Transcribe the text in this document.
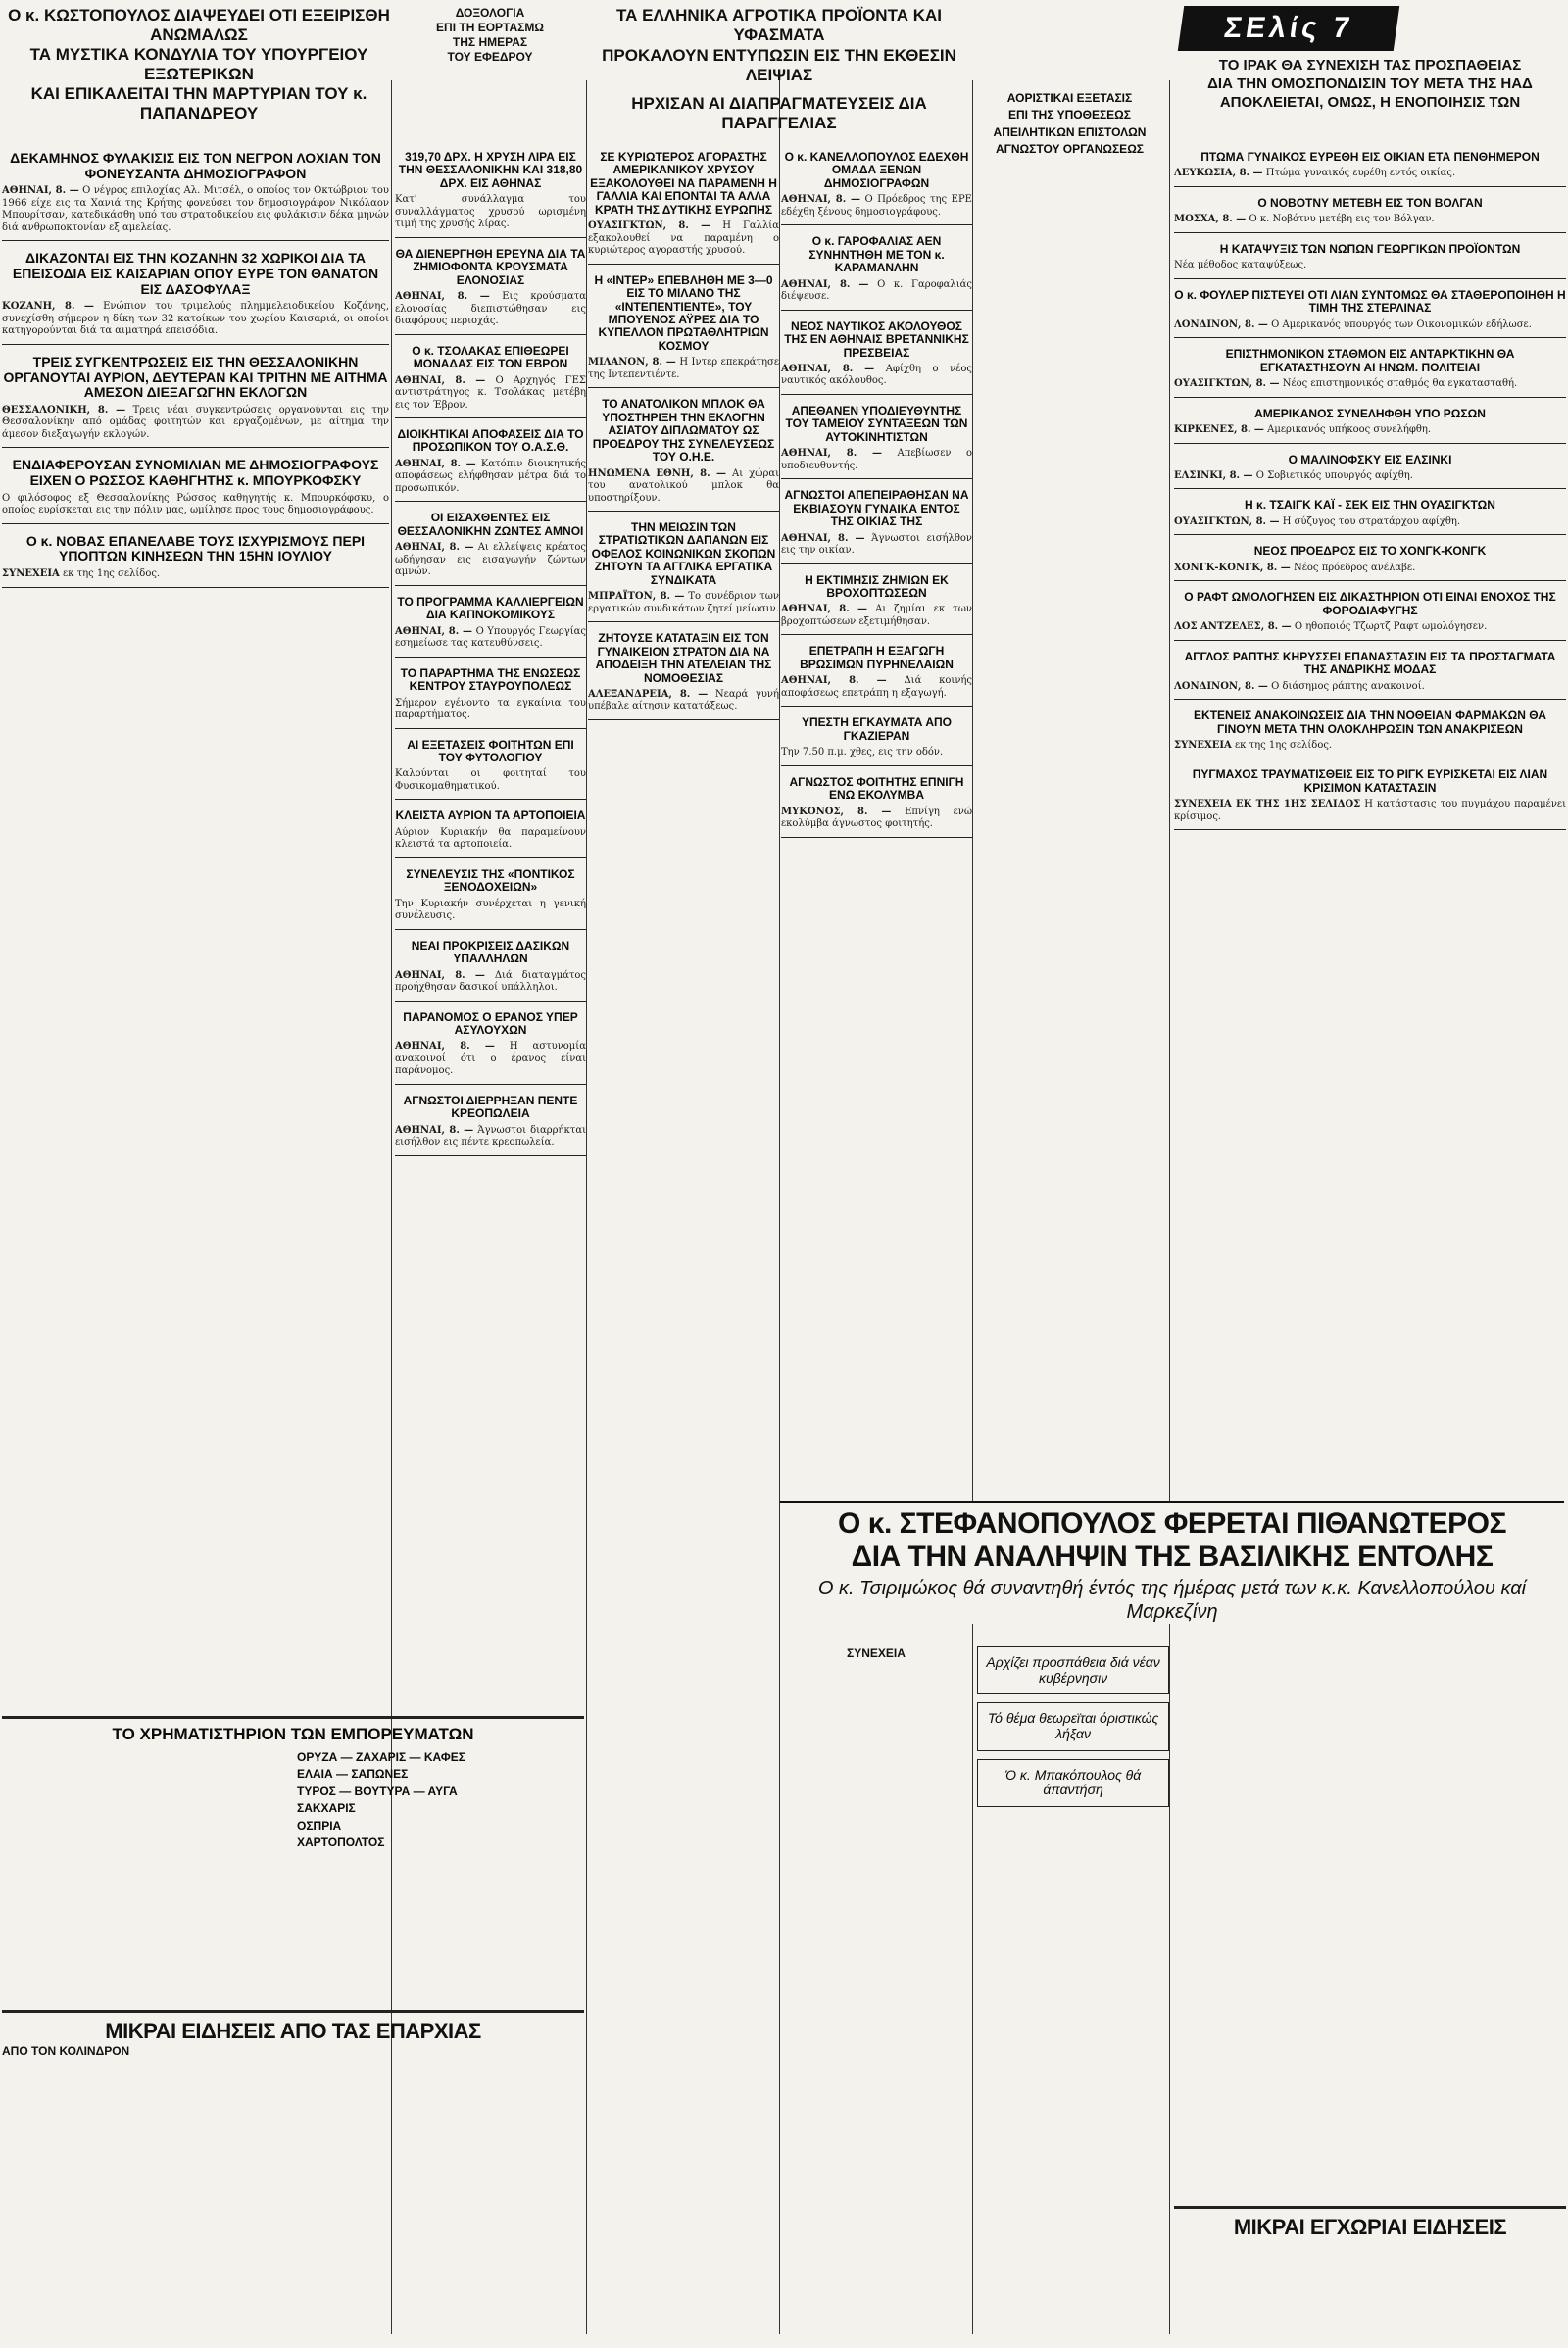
ΣΕλίς 7
Ο κ. ΚΩΣΤΟΠΟΥΛΟΣ ΔΙΑΨΕΥΔΕΙ ΟΤΙ ΕΞΕΙΡΙΣΘΗ ΑΝΩΜΑΛΩΣ
ΤΑ ΜΥΣΤΙΚΑ ΚΟΝΔΥΛΙΑ ΤΟΥ ΥΠΟΥΡΓΕΙΟΥ ΕΞΩΤΕΡΙΚΩΝ
ΚΑΙ ΕΠΙΚΑΛΕΙΤΑΙ ΤΗΝ ΜΑΡΤΥΡΙΑΝ ΤΟΥ κ. ΠΑΠΑΝΔΡΕΟΥ
ΔΟΞΟΛΟΓΙΑ
ΕΠΙ ΤΗ ΕΟΡΤΑΣΜΩ
ΤΗΣ ΗΜΕΡΑΣ
ΤΟΥ ΕΦΕΔΡΟΥ
ΤΑ ΕΛΛΗΝΙΚΑ ΑΓΡΟΤΙΚΑ ΠΡΟΪΟΝΤΑ ΚΑΙ ΥΦΑΣΜΑΤΑ
ΠΡΟΚΑΛΟΥΝ ΕΝΤΥΠΩΣΙΝ ΕΙΣ ΤΗΝ ΕΚΘΕΣΙΝ ΛΕΙΨΙΑΣ
ΗΡΧΙΣΑΝ ΑΙ ΔΙΑΠΡΑΓΜΑΤΕΥΣΕΙΣ ΔΙΑ ΠΑΡΑΓΓΕΛΙΑΣ
ΤΟ ΙΡΑΚ ΘΑ ΣΥΝΕΧΙΣΗ ΤΑΣ ΠΡΟΣΠΑΘΕΙΑΣ
ΔΙΑ ΤΗΝ ΟΜΟΣΠΟΝΔΙΣΙΝ ΤΟΥ ΜΕΤΑ ΤΗΣ ΗΑΔ
ΑΠΟΚΛΕΙΕΤΑΙ, ΟΜΩΣ, Η ΕΝΟΠΟΙΗΣΙΣ ΤΩΝ
ΔΕΚΑΜΗΝΟΣ ΦΥΛΑΚΙΣΙΣ ΕΙΣ ΤΟΝ ΝΕΓΡΟΝ ΛΟΧΙΑΝ ΤΟΝ ΦΟΝΕΥΣΑΝΤΑ ΔΗΜΟΣΙΟΓΡΑΦΟΝ
ΑΘΗΝΑΙ, 8. — Ο νέγρος επιλοχίας Αλ. Μιτσέλ, ο οποίος τον Οκτώβριον του 1966 είχε εις τα Χανιά της Κρήτης φονεύσει τον δημοσιογράφον Νικόλαον Μπουρίτσαν, κατεδικάσθη υπό του στρατοδικείου εις φυλάκισιν δέκα μηνών διά ανθρωποκτονίαν εξ αμελείας.
ΔΙΚΑΖΟΝΤΑΙ ΕΙΣ ΤΗΝ ΚΟΖΑΝΗΝ 32 ΧΩΡΙΚΟΙ ΔΙΑ ΤΑ ΕΠΕΙΣΟΔΙΑ ΕΙΣ ΚΑΙΣΑΡΙΑΝ ΟΠΟΥ ΕΥΡΕ ΤΟΝ ΘΑΝΑΤΟΝ ΕΙΣ ΔΑΣΟΦΥΛΑΞ
ΚΟΖΑΝΗ, 8. — Ενώπιον του τριμελούς πλημμελειοδικείου Κοζάνης, συνεχίσθη σήμερον η δίκη των 32 κατοίκων του χωρίου Καισαριά, οι οποίοι κατηγορούνται διά τα αιματηρά επεισόδια.
ΤΡΕΙΣ ΣΥΓΚΕΝΤΡΩΣΕΙΣ ΕΙΣ ΤΗΝ ΘΕΣΣΑΛΟΝΙΚΗΝ ΟΡΓΑΝΟΥΤΑΙ ΑΥΡΙΟΝ, ΔΕΥΤΕΡΑΝ ΚΑΙ ΤΡΙΤΗΝ ΜΕ ΑΙΤΗΜΑ ΑΜΕΣΟΝ ΔΙΕΞΑΓΩΓΗΝ ΕΚΛΟΓΩΝ
ΘΕΣΣΑΛΟΝΙΚΗ, 8. — Τρεις νέαι συγκεντρώσεις οργανούνται εις την Θεσσαλονίκην από ομάδας φοιτητών και εργαζομένων, με αίτημα την άμεσον διεξαγωγήν εκλογών.
ΕΝΔΙΑΦΕΡΟΥΣΑΝ ΣΥΝΟΜΙΛΙΑΝ ΜΕ ΔΗΜΟΣΙΟΓΡΑΦΟΥΣ ΕΙΧΕΝ Ο ΡΩΣΣΟΣ ΚΑΘΗΓΗΤΗΣ κ. ΜΠΟΥΡΚΟΦΣΚΥ
Ο φιλόσοφος εξ Θεσσαλονίκης Ρώσσος καθηγητής κ. Μπουρκόφσκυ, ο οποίος ευρίσκεται εις την πόλιν μας, ωμίλησε προς τους δημοσιογράφους.
Ο κ. ΝΟΒΑΣ ΕΠΑΝΕΛΑΒΕ ΤΟΥΣ ΙΣΧΥΡΙΣΜΟΥΣ ΠΕΡΙ ΥΠΟΠΤΩΝ ΚΙΝΗΣΕΩΝ ΤΗΝ 15ΗΝ ΙΟΥΛΙΟΥ
ΣΥΝΕΧΕΙΑ εκ της 1ης σελίδος.
319,70 ΔΡΧ. Η ΧΡΥΣΗ ΛΙΡΑ ΕΙΣ ΤΗΝ ΘΕΣΣΑΛΟΝΙΚΗΝ ΚΑΙ 318,80 ΔΡΧ. ΕΙΣ ΑΘΗΝΑΣ
Κατ' συνάλλαγμα του συναλλάγματος χρυσού ωρισμένη τιμή της χρυσής λίρας.
ΘΑ ΔΙΕΝΕΡΓΗΘΗ ΕΡΕΥΝΑ ΔΙΑ ΤΑ ΖΗΜΙΟΦΟΝΤΑ ΚΡΟΥΣΜΑΤΑ ΕΛΟΝΟΣΙΑΣ
ΑΘΗΝΑΙ, 8. — Εις κρούσματα ελονοσίας διεπιστώθησαν εις διαφόρους περιοχάς.
Ο κ. ΤΣΟΛΑΚΑΣ ΕΠΙΘΕΩΡΕΙ ΜΟΝΑΔΑΣ ΕΙΣ ΤΟΝ ΕΒΡΟΝ
ΑΘΗΝΑΙ, 8. — Ο Αρχηγός ΓΕΣ αντιστράτηγος κ. Τσολάκας μετέβη εις τον Έβρον.
ΔΙΟΙΚΗΤΙΚΑΙ ΑΠΟΦΑΣΕΙΣ ΔΙΑ ΤΟ ΠΡΟΣΩΠΙΚΟΝ ΤΟΥ Ο.Α.Σ.Θ.
ΑΘΗΝΑΙ, 8. — Κατόπιν διοικητικής αποφάσεως ελήφθησαν μέτρα διά το προσωπικόν.
ΟΙ ΕΙΣΑΧΘΕΝΤΕΣ ΕΙΣ ΘΕΣΣΑΛΟΝΙΚΗΝ ΖΩΝΤΕΣ ΑΜΝΟΙ
ΑΘΗΝΑΙ, 8. — Αι ελλείψεις κρέατος ωδήγησαν εις εισαγωγήν ζώντων αμνών.
ΤΟ ΠΡΟΓΡΑΜΜΑ ΚΑΛΛΙΕΡΓΕΙΩΝ ΔΙΑ ΚΑΠΝΟΚΟΜΙΚΟΥΣ
ΑΘΗΝΑΙ, 8. — Ο Υπουργός Γεωργίας εσημείωσε τας κατευθύνσεις.
ΤΟ ΠΑΡΑΡΤΗΜΑ ΤΗΣ ΕΝΩΣΕΩΣ ΚΕΝΤΡΟΥ ΣΤΑΥΡΟΥΠΟΛΕΩΣ
Σήμερον εγένοντο τα εγκαίνια του παραρτήματος.
ΑΙ ΕΞΕΤΑΣΕΙΣ ΦΟΙΤΗΤΩΝ ΕΠΙ ΤΟΥ ΦΥΤΟΛΟΓΙΟΥ
Καλούνται οι φοιτηταί του Φυσικομαθηματικού.
ΚΛΕΙΣΤΑ ΑΥΡΙΟΝ ΤΑ ΑΡΤΟΠΟΙΕΙΑ
Αύριον Κυριακήν θα παραμείνουν κλειστά τα αρτοποιεία.
ΣΥΝΕΛΕΥΣΙΣ ΤΗΣ «ΠΟΝΤΙΚΟΣ ΞΕΝΟΔΟΧΕΙΩΝ»
Την Κυριακήν συνέρχεται η γενική συνέλευσις.
ΝΕΑΙ ΠΡΟΚΡΙΣΕΙΣ ΔΑΣΙΚΩΝ ΥΠΑΛΛΗΛΩΝ
ΑΘΗΝΑΙ, 8. — Διά διαταγμάτος προήχθησαν δασικοί υπάλληλοι.
ΠΑΡΑΝΟΜΟΣ Ο ΕΡΑΝΟΣ ΥΠΕΡ ΑΣΥΛΟΥΧΩΝ
ΑΘΗΝΑΙ, 8. — Η αστυνομία ανακοινοί ότι ο έρανος είναι παράνομος.
ΑΓΝΩΣΤΟΙ ΔΙΕΡΡΗΞΑΝ ΠΕΝΤΕ ΚΡΕΟΠΩΛΕΙΑ
ΑΘΗΝΑΙ, 8. — Άγνωστοι διαρρήκται εισήλθον εις πέντε κρεοπωλεία.
ΣΕ ΚΥΡΙΩΤΕΡΟΣ ΑΓΟΡΑΣΤΗΣ ΑΜΕΡΙΚΑΝΙΚΟΥ ΧΡΥΣΟΥ ΕΞΑΚΟΛΟΥΘΕΙ ΝΑ ΠΑΡΑΜΕΝΗ Η ΓΑΛΛΙΑ ΚΑΙ ΕΠΟΝΤΑΙ ΤΑ ΑΛΛΑ ΚΡΑΤΗ ΤΗΣ ΔΥΤΙΚΗΣ ΕΥΡΩΠΗΣ
ΟΥΑΣΙΓΚΤΩΝ, 8. — Η Γαλλία εξακολουθεί να παραμένη ο κυριώτερος αγοραστής χρυσού.
Η «ΙΝΤΕΡ» ΕΠΕΒΛΗΘΗ ΜΕ 3—0 ΕΙΣ ΤΟ ΜΙΛΑΝΟ ΤΗΣ «ΙΝΤΕΠΕΝΤΙΕΝΤΕ», ΤΟΥ ΜΠΟΥΕΝΟΣ ΑΫΡΕΣ ΔΙΑ ΤΟ ΚΥΠΕΛΛΟΝ ΠΡΩΤΑΘΛΗΤΡΙΩΝ ΚΟΣΜΟΥ
ΜΙΛΑΝΟΝ, 8. — Η Ιντερ επεκράτησε της Ιντεπεντιέντε.
ΤΟ ΑΝΑΤΟΛΙΚΟΝ ΜΠΛΟΚ ΘΑ ΥΠΟΣΤΗΡΙΞΗ ΤΗΝ ΕΚΛΟΓΗΝ ΑΣΙΑΤΟΥ ΔΙΠΛΩΜΑΤΟΥ ΩΣ ΠΡΟΕΔΡΟΥ ΤΗΣ ΣΥΝΕΛΕΥΣΕΩΣ ΤΟΥ Ο.Η.Ε.
ΗΝΩΜΕΝΑ ΕΘΝΗ, 8. — Αι χώραι του ανατολικού μπλοκ θα υποστηρίξουν.
ΤΗΝ ΜΕΙΩΣΙΝ ΤΩΝ ΣΤΡΑΤΙΩΤΙΚΩΝ ΔΑΠΑΝΩΝ ΕΙΣ ΟΦΕΛΟΣ ΚΟΙΝΩΝΙΚΩΝ ΣΚΟΠΩΝ ΖΗΤΟΥΝ ΤΑ ΑΓΓΛΙΚΑ ΕΡΓΑΤΙΚΑ ΣΥΝΔΙΚΑΤΑ
ΜΠΡΑΪΤΟΝ, 8. — Το συνέδριον των εργατικών συνδικάτων ζητεί μείωσιν.
ΖΗΤΟΥΣΕ ΚΑΤΑΤΑΞΙΝ ΕΙΣ ΤΟΝ ΓΥΝΑΙΚΕΙΟΝ ΣΤΡΑΤΟΝ ΔΙΑ ΝΑ ΑΠΟΔΕΙΞΗ ΤΗΝ ΑΤΕΛΕΙΑΝ ΤΗΣ ΝΟΜΟΘΕΣΙΑΣ
ΑΛΕΞΑΝΔΡΕΙΑ, 8. — Νεαρά γυνή υπέβαλε αίτησιν κατατάξεως.
Ο κ. ΚΑΝΕΛΛΟΠΟΥΛΟΣ ΕΔΕΧΘΗ ΟΜΑΔΑ ΞΕΝΩΝ ΔΗΜΟΣΙΟΓΡΑΦΩΝ
ΑΘΗΝΑΙ, 8. — Ο Πρόεδρος της ΕΡΕ εδέχθη ξένους δημοσιογράφους.
Ο κ. ΓΑΡΟΦΑΛΙΑΣ ΑΕΝ ΣΥΝΗΝΤΗΘΗ ΜΕ ΤΟΝ κ. ΚΑΡΑΜΑΝΛΗΝ
ΑΘΗΝΑΙ, 8. — Ο κ. Γαροφαλιάς διέψευσε.
ΝΕΟΣ ΝΑΥΤΙΚΟΣ ΑΚΟΛΟΥΘΟΣ ΤΗΣ ΕΝ ΑΘΗΝΑΙΣ ΒΡΕΤΑΝΝΙΚΗΣ ΠΡΕΣΒΕΙΑΣ
ΑΘΗΝΑΙ, 8. — Αφίχθη ο νέος ναυτικός ακόλουθος.
ΑΠΕΘΑΝΕΝ ΥΠΟΔΙΕΥΘΥΝΤΗΣ ΤΟΥ ΤΑΜΕΙΟΥ ΣΥΝΤΑΞΕΩΝ ΤΩΝ ΑΥΤΟΚΙΝΗΤΙΣΤΩΝ
ΑΘΗΝΑΙ, 8. — Απεβίωσεν ο υποδιευθυντής.
ΑΓΝΩΣΤΟΙ ΑΠΕΠΕΙΡΑΘΗΣΑΝ ΝΑ ΕΚΒΙΑΣΟΥΝ ΓΥΝΑΙΚΑ ΕΝΤΟΣ ΤΗΣ ΟΙΚΙΑΣ ΤΗΣ
ΑΘΗΝΑΙ, 8. — Άγνωστοι εισήλθον εις την οικίαν.
Η ΕΚΤΙΜΗΣΙΣ ΖΗΜΙΩΝ ΕΚ ΒΡΟΧΟΠΤΩΣΕΩΝ
ΑΘΗΝΑΙ, 8. — Αι ζημίαι εκ των βροχοπτώσεων εξετιμήθησαν.
ΕΠΕΤΡΑΠΗ Η ΕΞΑΓΩΓΗ ΒΡΩΣΙΜΩΝ ΠΥΡΗΝΕΛΑΙΩΝ
ΑΘΗΝΑΙ, 8. — Διά κοινής αποφάσεως επετράπη η εξαγωγή.
ΥΠΕΣΤΗ ΕΓΚΑΥΜΑΤΑ ΑΠΟ ΓΚΑΖΙΕΡΑΝ
Την 7.50 π.μ. χθες, εις την οδόν.
ΑΓΝΩΣΤΟΣ ΦΟΙΤΗΤΗΣ ΕΠΝΙΓΗ ΕΝΩ ΕΚΟΛΥΜΒΑ
ΜΥΚΟΝΟΣ, 8. — Επνίγη ενώ εκολύμβα άγνωστος φοιτητής.
ΑΟΡΙΣΤΙΚΑΙ ΕΞΕΤΑΣΙΣ
ΕΠΙ ΤΗΣ ΥΠΟΘΕΣΕΩΣ
ΑΠΕΙΛΗΤΙΚΩΝ ΕΠΙΣΤΟΛΩΝ
ΑΓΝΩΣΤΟΥ ΟΡΓΑΝΩΣΕΩΣ
ΠΤΩΜΑ ΓΥΝΑΙΚΟΣ ΕΥΡΕΘΗ ΕΙΣ ΟΙΚΙΑΝ ΕΤΑ ΠΕΝΘΗΜΕΡΟΝ
ΛΕΥΚΩΣΙΑ, 8. — Πτώμα γυναικός ευρέθη εντός οικίας.
Ο ΝΟΒΟΤΝΥ ΜΕΤΕΒΗ ΕΙΣ ΤΟΝ ΒΟΛΓΑΝ
ΜΟΣΧΑ, 8. — Ο κ. Νοβότνυ μετέβη εις τον Βόλγαν.
Η ΚΑΤΑΨΥΞΙΣ ΤΩΝ ΝΩΠΩΝ ΓΕΩΡΓΙΚΩΝ ΠΡΟΪΟΝΤΩΝ
Νέα μέθοδος καταψύξεως.
Ο κ. ΦΟΥΛΕΡ ΠΙΣΤΕΥΕΙ ΟΤΙ ΛΙΑΝ ΣΥΝΤΟΜΩΣ ΘΑ ΣΤΑΘΕΡΟΠΟΙΗΘΗ Η ΤΙΜΗ ΤΗΣ ΣΤΕΡΛΙΝΑΣ
ΛΟΝΔΙΝΟΝ, 8. — Ο Αμερικανός υπουργός των Οικονομικών εδήλωσε.
ΕΠΙΣΤΗΜΟΝΙΚΟΝ ΣΤΑΘΜΟΝ ΕΙΣ ΑΝΤΑΡΚΤΙΚΗΝ ΘΑ ΕΓΚΑΤΑΣΤΗΣΟΥΝ ΑΙ ΗΝΩΜ. ΠΟΛΙΤΕΙΑΙ
ΟΥΑΣΙΓΚΤΩΝ, 8. — Νέος επιστημονικός σταθμός θα εγκατασταθή.
ΑΜΕΡΙΚΑΝΟΣ ΣΥΝΕΛΗΦΘΗ ΥΠΟ ΡΩΣΩΝ
ΚΙΡΚΕΝΕΣ, 8. — Αμερικανός υπήκοος συνελήφθη.
Ο ΜΑΛΙΝΟΦΣΚΥ ΕΙΣ ΕΛΣΙΝΚΙ
ΕΛΣΙΝΚΙ, 8. — Ο Σοβιετικός υπουργός αφίχθη.
Η κ. ΤΣΑΙΓΚ ΚΑΪ - ΣΕΚ ΕΙΣ ΤΗΝ ΟΥΑΣΙΓΚΤΩΝ
ΟΥΑΣΙΓΚΤΩΝ, 8. — Η σύζυγος του στρατάρχου αφίχθη.
ΝΕΟΣ ΠΡΟΕΔΡΟΣ ΕΙΣ ΤΟ ΧΟΝΓΚ-ΚΟΝΓΚ
ΧΟΝΓΚ-ΚΟΝΓΚ, 8. — Νέος πρόεδρος ανέλαβε.
Ο ΡΑΦΤ ΩΜΟΛΟΓΗΣΕΝ ΕΙΣ ΔΙΚΑΣΤΗΡΙΟΝ ΟΤΙ ΕΙΝΑΙ ΕΝΟΧΟΣ ΤΗΣ ΦΟΡΟΔΙΑΦΥΓΗΣ
ΛΟΣ ΑΝΤΖΕΛΕΣ, 8. — Ο ηθοποιός Τζωρτζ Ραφτ ωμολόγησεν.
ΑΓΓΛΟΣ ΡΑΠΤΗΣ ΚΗΡΥΣΣΕΙ ΕΠΑΝΑΣΤΑΣΙΝ ΕΙΣ ΤΑ ΠΡΟΣΤΑΓΜΑΤΑ ΤΗΣ ΑΝΔΡΙΚΗΣ ΜΟΔΑΣ
ΛΟΝΔΙΝΟΝ, 8. — Ο διάσημος ράπτης ανακοινοί.
ΕΚΤΕΝΕΙΣ ΑΝΑΚΟΙΝΩΣΕΙΣ ΔΙΑ ΤΗΝ ΝΟΘΕΙΑΝ ΦΑΡΜΑΚΩΝ ΘΑ ΓΙΝΟΥΝ ΜΕΤΑ ΤΗΝ ΟΛΟΚΛΗΡΩΣΙΝ ΤΩΝ ΑΝΑΚΡΙΣΕΩΝ
ΣΥΝΕΧΕΙΑ εκ της 1ης σελίδος.
ΠΥΓΜΑΧΟΣ ΤΡΑΥΜΑΤΙΣΘΕΙΣ ΕΙΣ ΤΟ ΡΙΓΚ ΕΥΡΙΣΚΕΤΑΙ ΕΙΣ ΛΙΑΝ ΚΡΙΣΙΜΟΝ ΚΑΤΑΣΤΑΣΙΝ
ΣΥΝΕΧΕΙΑ ΕΚ ΤΗΣ 1ΗΣ ΣΕΛΙΔΟΣ Η κατάστασις του πυγμάχου παραμένει κρίσιμος.
Ο κ. ΣΤΕΦΑΝΟΠΟΥΛΟΣ ΦΕΡΕΤΑΙ ΠΙΘΑΝΩΤΕΡΟΣ
ΔΙΑ ΤΗΝ ΑΝΑΛΗΨΙΝ ΤΗΣ ΒΑΣΙΛΙΚΗΣ ΕΝΤΟΛΗΣ
Ο κ. Τσιριμώκος θά συναντηθή έντός της ήμέρας μετά των κ.κ. Κανελλοπούλου καί Μαρκεζίνη
ΣΥΝΕΧΕΙΑ

Αρχίζει προσπάθεια διά νέαν κυβέρνησιν
Τό θέμα θεωρεϊται όριστικώς λήξαν
Ό κ. Μπακόπουλος θά άπαντήση
ΤΟ ΧΡΗΜΑΤΙΣΤΗΡΙΟΝ ΤΩΝ ΕΜΠΟΡΕΥΜΑΤΩΝ
ΟΡΥΖΑ — ΖΑΧΑΡΙΣ — ΚΑΦΕΣ
ΕΛΑΙΑ — ΣΑΠΩΝΕΣ
ΤΥΡΟΣ — ΒΟΥΤΥΡΑ — ΑΥΓΑ
ΣΑΚΧΑΡΙΣ
ΟΣΠΡΙΑ
ΧΑΡΤΟΠΟΛΤΟΣ
ΜΙΚΡΑΙ ΕΙΔΗΣΕΙΣ ΑΠΟ ΤΑΣ ΕΠΑΡΧΙΑΣ
ΑΠΟ ΤΟΝ ΚΟΛΙΝΔΡΟΝ
ΜΙΚΡΑΙ ΕΓΧΩΡΙΑΙ ΕΙΔΗΣΕΙΣ
